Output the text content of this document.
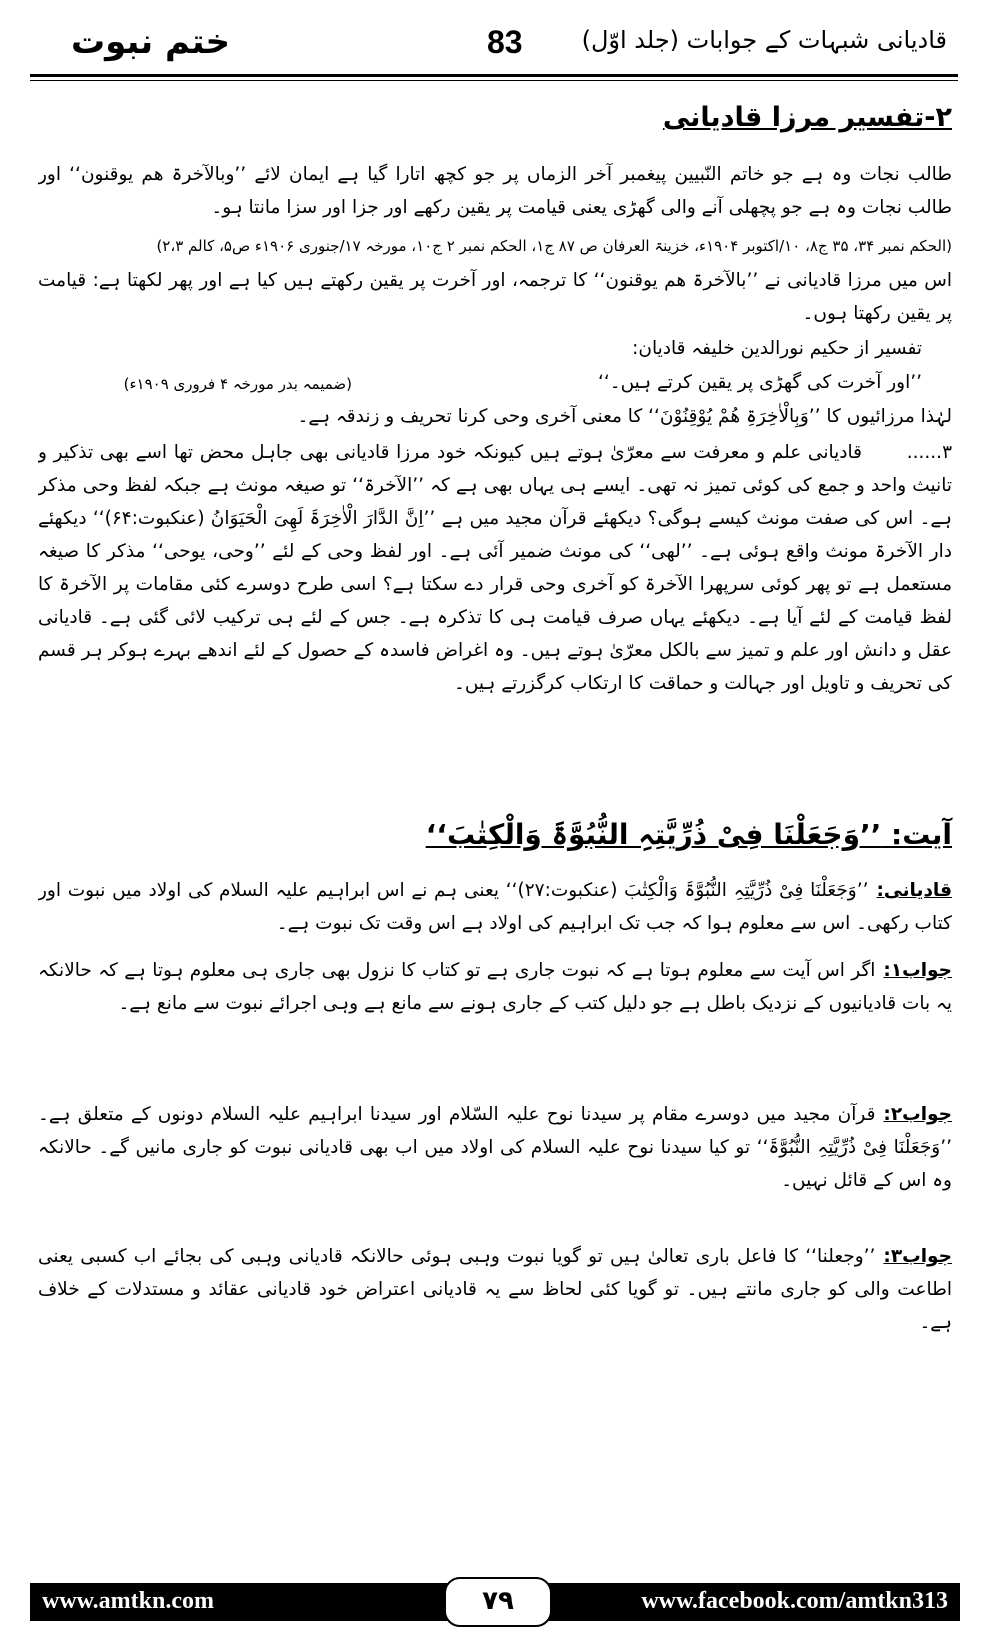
ختم نبوت	83 قادیانی شبہات کے جوابات (جلد اوّل)
۲-تفسیر مرزا قادیانی
طالب نجات وہ ہے جو خاتم النّبیین پیغمبر آخر الزماں پر جو کچھ اتارا گیا ہے ایمان لائے ’’وبالآخرۃ ھم یوقنون‘‘ اور طالب نجات وہ ہے جو پچھلی آنے والی گھڑی یعنی قیامت پر یقین رکھے اور جزا اور سزا مانتا ہو۔
(الحکم نمبر ۳۴، ۳۵ ج۸، ۱۰/اکتوبر ۱۹۰۴ء، خزینۃ العرفان ص ۸۷ ج۱، الحکم نمبر ۲ ج۱۰، مورخہ ۱۷/جنوری ۱۹۰۶ء ص۵، کالم ۲،۳)
اس میں مرزا قادیانی نے ’’بالآخرۃ ھم یوقنون‘‘ کا ترجمہ، اور آخرت پر یقین رکھتے ہیں کیا ہے اور پھر لکھتا ہے: قیامت پر یقین رکھتا ہوں۔
تفسیر از حکیم نورالدین خلیفہ قادیان:
’’اور آخرت کی گھڑی پر یقین کرتے ہیں۔‘‘
(ضمیمہ بدر مورخہ ۴ فروری ۱۹۰۹ء)
لہٰذا مرزائیوں کا ’’وَبِالْاٰخِرَۃِ ھُمْ یُوْقِنُوْنَ‘‘ کا معنی آخری وحی کرنا تحریف و زندقہ ہے۔
۳......
قادیانی علم و معرفت سے معرّیٰ ہوتے ہیں کیونکہ خود مرزا قادیانی بھی جاہل محض تھا اسے بھی تذکیر و تانیث واحد و جمع کی کوئی تمیز نہ تھی۔ ایسے ہی یہاں بھی ہے کہ ’’الآخرۃ‘‘ تو صیغہ مونث ہے جبکہ لفظ وحی مذکر ہے۔ اس کی صفت مونث کیسے ہوگی؟ دیکھئے قرآن مجید میں ہے ’’اِنَّ الدَّارَ الْاٰخِرَۃَ لَھِیَ الْحَیَوَانُ (عنکبوت:۶۴)‘‘ دیکھئے دار الآخرۃ مونث واقع ہوئی ہے۔ ’’لھی‘‘ کی مونث ضمیر آئی ہے۔ اور لفظ وحی کے لئے ’’وحی، یوحی‘‘ مذکر کا صیغہ مستعمل ہے تو پھر کوئی سرپھرا الآخرۃ کو آخری وحی قرار دے سکتا ہے؟ اسی طرح دوسرے کئی مقامات پر الآخرۃ کا لفظ قیامت کے لئے آیا ہے۔ دیکھئے یہاں صرف قیامت ہی کا تذکرہ ہے۔ جس کے لئے ہی ترکیب لائی گئی ہے۔ قادیانی عقل و دانش اور علم و تمیز سے بالکل معرّیٰ ہوتے ہیں۔ وہ اغراض فاسدہ کے حصول کے لئے اندھے بہرے ہوکر ہر قسم کی تحریف و تاویل اور جہالت و حماقت کا ارتکاب کرگزرتے ہیں۔
آیت: ’’وَجَعَلْنَا فِیْ ذُرِّیَّتِہِ النُّبُوَّۃَ وَالْکِتٰبَ‘‘
قادیانی:’’وَجَعَلْنَا فِیْ ذُرِّیَّتِہِ النُّبُوَّۃَ وَالْکِتٰبَ (عنکبوت:۲۷)‘‘ یعنی ہم نے اس ابراہیم علیہ السلام کی اولاد میں نبوت اور کتاب رکھی۔ اس سے معلوم ہوا کہ جب تک ابراہیم کی اولاد ہے اس وقت تک نبوت ہے۔
جواب۱:اگر اس آیت سے معلوم ہوتا ہے کہ نبوت جاری ہے تو کتاب کا نزول بھی جاری ہی معلوم ہوتا ہے کہ حالانکہ یہ بات قادیانیوں کے نزدیک باطل ہے جو دلیل کتب کے جاری ہونے سے مانع ہے وہی اجرائے نبوت سے مانع ہے۔
جواب۲:قرآن مجید میں دوسرے مقام پر سیدنا نوح علیہ السّلام اور سیدنا ابراہیم علیہ السلام دونوں کے متعلق ہے۔ ’’وَجَعَلْنَا فِیْ ذُرِّیَّتِہِ النُّبُوَّۃَ‘‘ تو کیا سیدنا نوح علیہ السلام کی اولاد میں اب بھی قادیانی نبوت کو جاری مانیں گے۔ حالانکہ وہ اس کے قائل نہیں۔
جواب۳:’’وجعلنا‘‘ کا فاعل باری تعالیٰ ہیں تو گویا نبوت وہبی ہوئی حالانکہ قادیانی وہبی کی بجائے اب کسبی یعنی اطاعت والی کو جاری مانتے ہیں۔ تو گویا کئی لحاظ سے یہ قادیانی اعتراض خود قادیانی عقائد و مستدلات کے خلاف ہے۔
www.amtkn.com	۷۹	www.facebook.com/amtkn313
